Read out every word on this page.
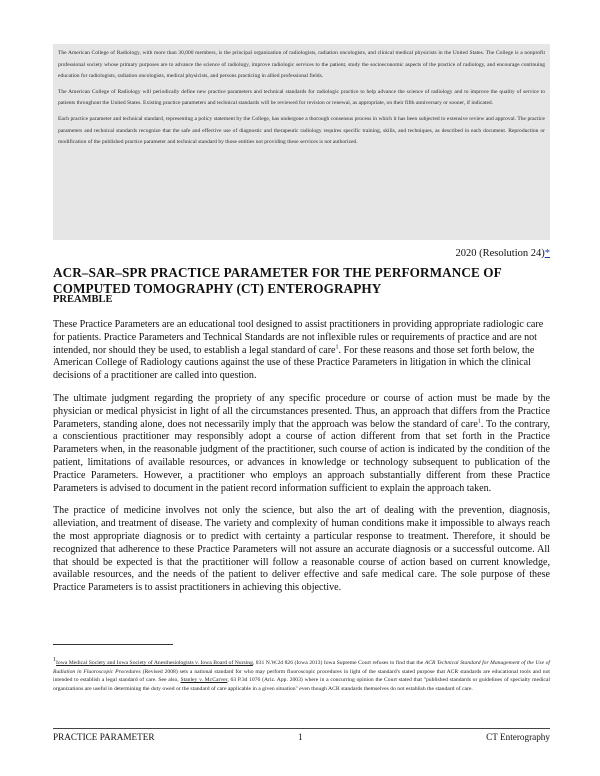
The American College of Radiology, with more than 30,000 members, is the principal organization of radiologists, radiation oncologists, and clinical medical physicists in the United States. The College is a nonprofit professional society whose primary purposes are to advance the science of radiology, improve radiologic services to the patient, study the socioeconomic aspects of the practice of radiology, and encourage continuing education for radiologists, radiation oncologists, medical physicists, and persons practicing in allied professional fields.

The American College of Radiology will periodically define new practice parameters and technical standards for radiologic practice to help advance the science of radiology and to improve the quality of service to patients throughout the United States. Existing practice parameters and technical standards will be reviewed for revision or renewal, as appropriate, on their fifth anniversary or sooner, if indicated.

Each practice parameter and technical standard, representing a policy statement by the College, has undergone a thorough consensus process in which it has been subjected to extensive review and approval. The practice parameters and technical standards recognize that the safe and effective use of diagnostic and therapeutic radiology requires specific training, skills, and techniques, as described in each document. Reproduction or modification of the published practice parameter and technical standard by those entities not providing these services is not authorized.

2020 (Resolution 24)*
ACR–SAR–SPR PRACTICE PARAMETER FOR THE PERFORMANCE OF
COMPUTED TOMOGRAPHY (CT) ENTEROGRAPHY
PREAMBLE

These Practice Parameters are an educational tool designed to assist practitioners in providing appropriate radiologic care for patients. Practice Parameters and Technical Standards are not inflexible rules or requirements of practice and are not intended, nor should they be used, to establish a legal standard of care$^1$. For these reasons and those set forth below, the American College of Radiology cautions against the use of these Practice Parameters in litigation in which the clinical decisions of a practitioner are called into question.

The ultimate judgment regarding the propriety of any specific procedure or course of action must be made by the physician or medical physicist in light of all the circumstances presented. Thus, an approach that differs from the Practice Parameters, standing alone, does not necessarily imply that the approach was below the standard of care$^1$. To the contrary, a conscientious practitioner may responsibly adopt a course of action different from that set forth in the Practice Parameters when, in the reasonable judgment of the practitioner, such course of action is indicated by the condition of the patient, limitations of available resources, or advances in knowledge or technology subsequent to publication of the Practice Parameters. However, a practitioner who employs an approach substantially different from these Practice Parameters is advised to document in the patient record information sufficient to explain the approach taken.

The practice of medicine involves not only the science, but also the art of dealing with the prevention, diagnosis, alleviation, and treatment of disease. The variety and complexity of human conditions make it impossible to always reach the most appropriate diagnosis or to predict with certainty a particular response to treatment. Therefore, it should be recognized that adherence to these Practice Parameters will not assure an accurate diagnosis or a successful outcome. All that should be expected is that the practitioner will follow a reasonable course of action based on current knowledge, available resources, and the needs of the patient to deliver effective and safe medical care. The sole purpose of these Practice Parameters is to assist practitioners in achieving this objective.

$^1$Iowa Medical Society and Iowa Society of Anesthesiologists v. Iowa Board of Nursing, 831 N.W.2d 826 (Iowa 2013) Iowa Supreme Court refuses to find that the ACR Technical Standard for Management of the Use of Radiation in Fluoroscopic Procedures (Revised 2008) sets a national standard for who may perform fluoroscopic procedures in light of the standard's stated purpose that ACR standards are educational tools and not intended to establish a legal standard of care. See also, Stanley v. McCarver, 63 P.3d 1076 (Ariz. App. 2003) where in a concurring opinion the Court stated that "published standards or guidelines of specialty medical organizations are useful in determining the duty owed or the standard of care applicable in a given situation" even though ACR standards themselves do not establish the standard of care.
PRACTICE PARAMETER	1	CT Enterography
